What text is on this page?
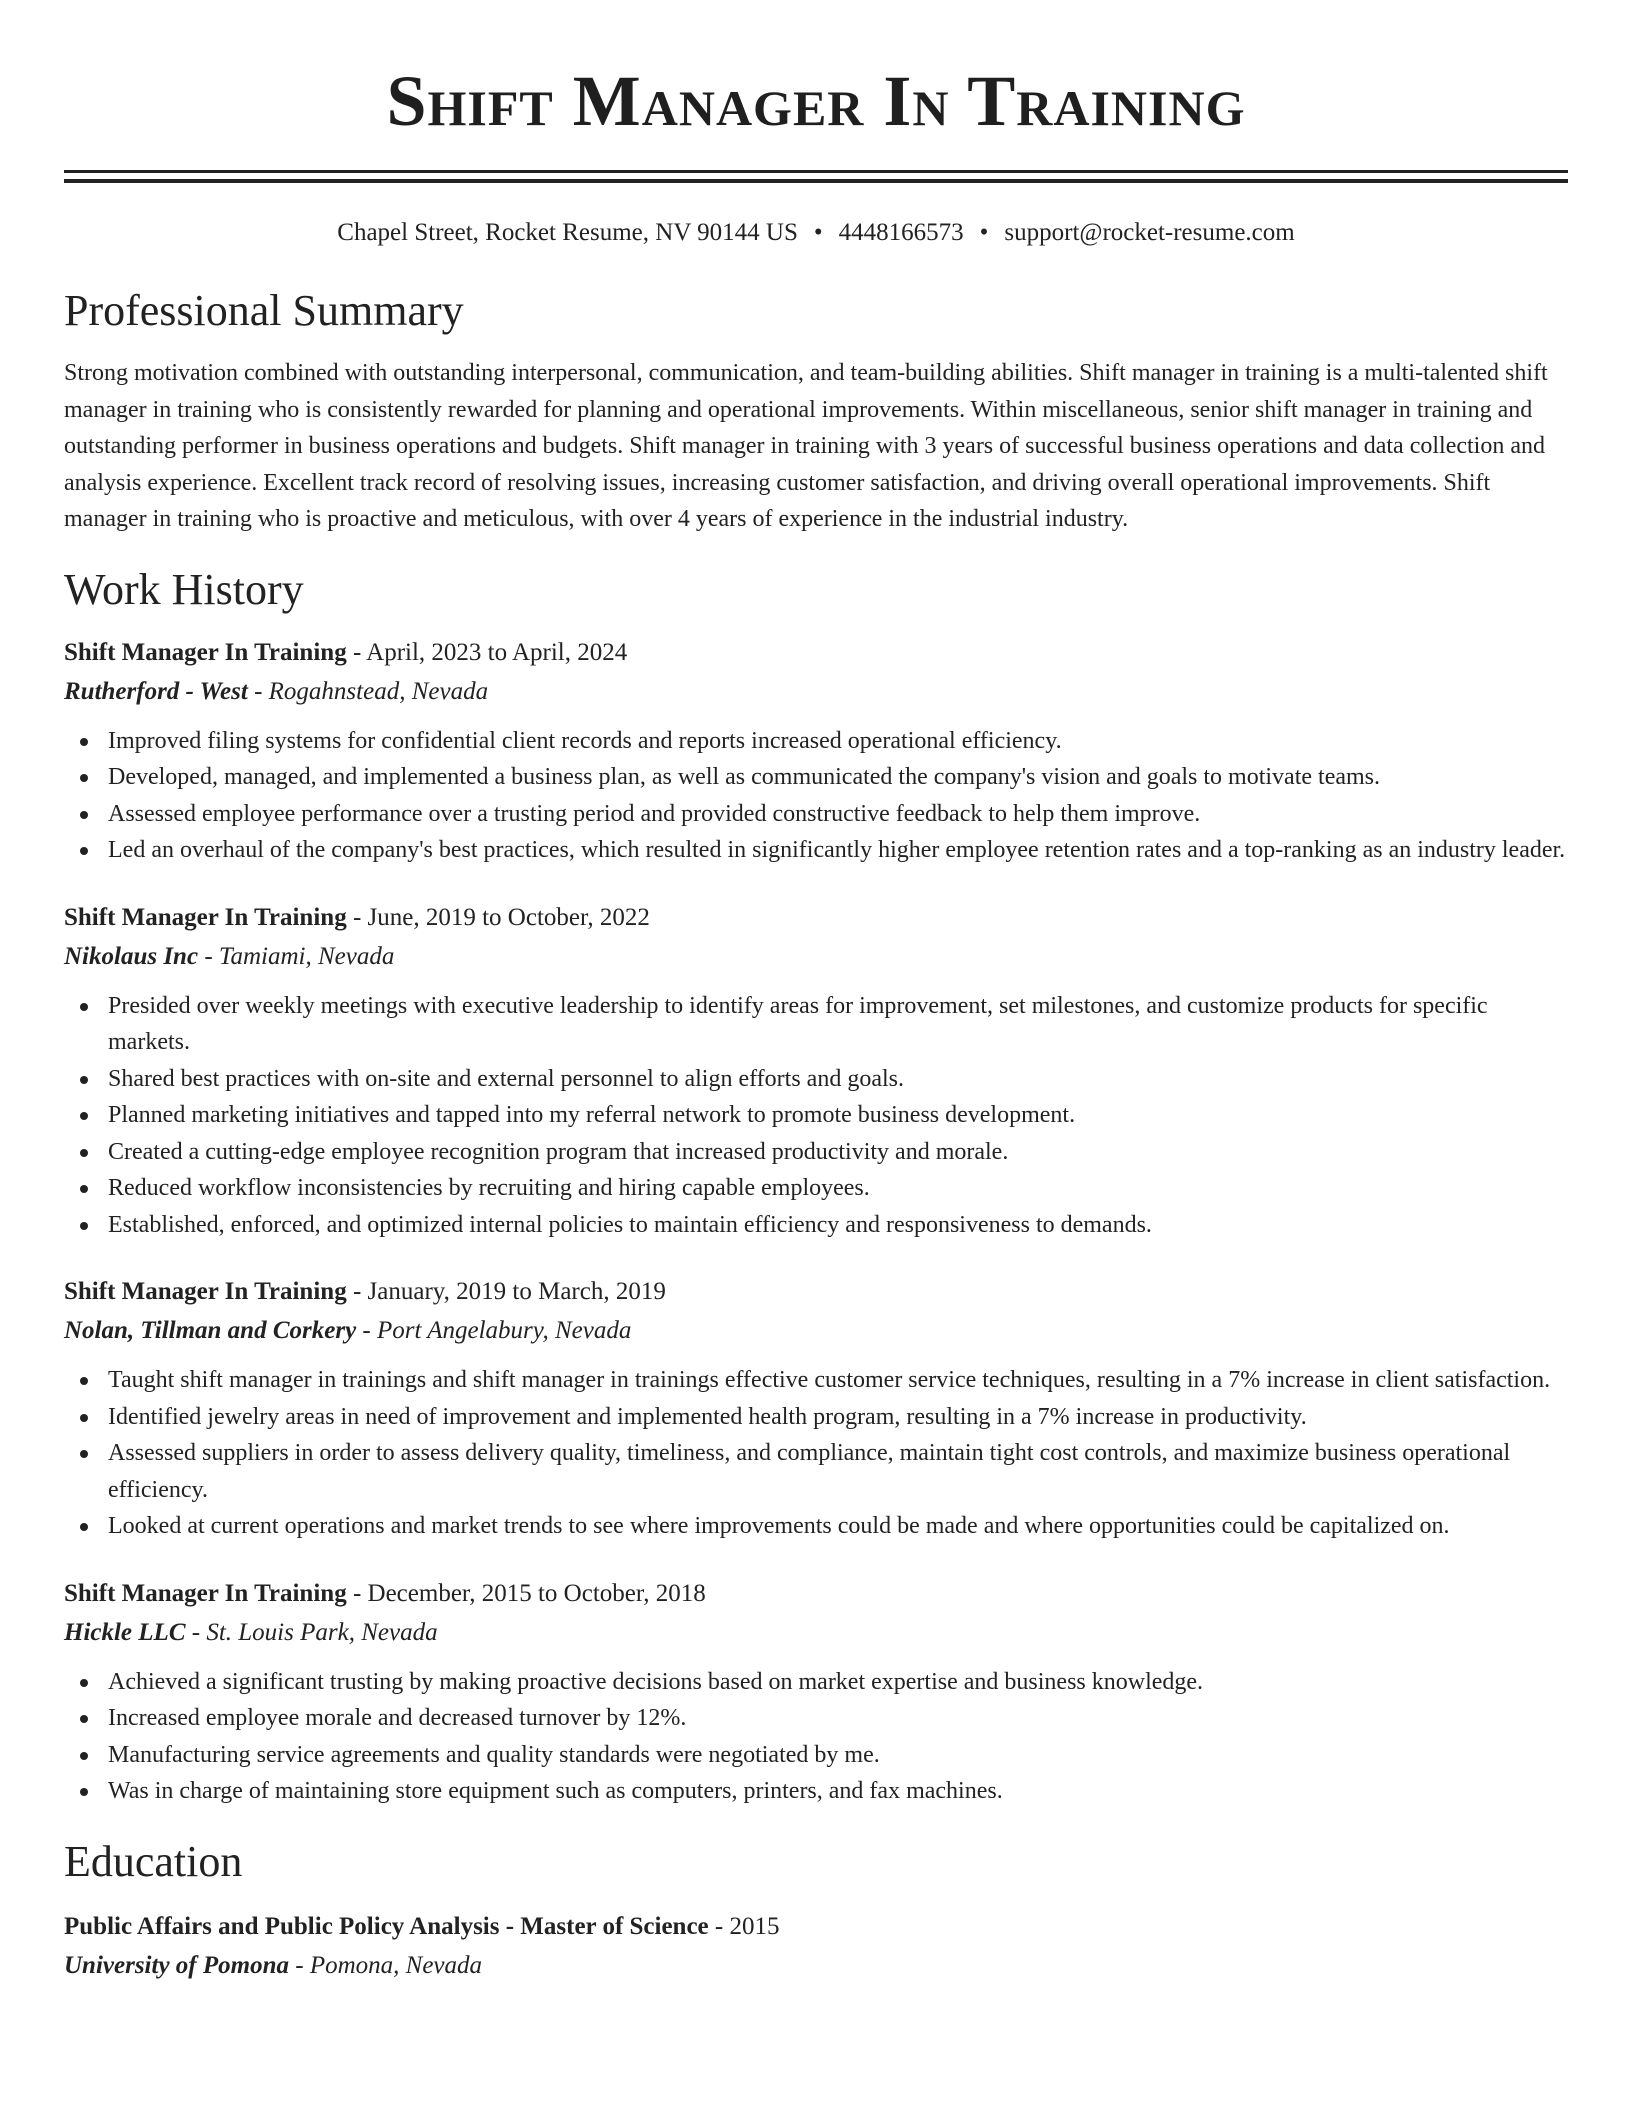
Shift Manager In Training
Chapel Street, Rocket Resume, NV 90144 US • 4448166573 • support@rocket-resume.com
Professional Summary

Strong motivation combined with outstanding interpersonal, communication, and team-building abilities. Shift manager in training is a multi-talented shift manager in training who is consistently rewarded for planning and operational improvements. Within miscellaneous, senior shift manager in training and outstanding performer in business operations and budgets. Shift manager in training with 3 years of successful business operations and data collection and analysis experience. Excellent track record of resolving issues, increasing customer satisfaction, and driving overall operational improvements. Shift manager in training who is proactive and meticulous, with over 4 years of experience in the industrial industry.

Work History
Shift Manager In Training - April, 2023 to April, 2024
Rutherford - West - Rogahnstead, Nevada
Improved filing systems for confidential client records and reports increased operational efficiency.
Developed, managed, and implemented a business plan, as well as communicated the company's vision and goals to motivate teams.
Assessed employee performance over a trusting period and provided constructive feedback to help them improve.
Led an overhaul of the company's best practices, which resulted in significantly higher employee retention rates and a top-ranking as an industry leader.
Shift Manager In Training - June, 2019 to October, 2022
Nikolaus Inc - Tamiami, Nevada
Presided over weekly meetings with executive leadership to identify areas for improvement, set milestones, and customize products for specific markets.
Shared best practices with on-site and external personnel to align efforts and goals.
Planned marketing initiatives and tapped into my referral network to promote business development.
Created a cutting-edge employee recognition program that increased productivity and morale.
Reduced workflow inconsistencies by recruiting and hiring capable employees.
Established, enforced, and optimized internal policies to maintain efficiency and responsiveness to demands.
Shift Manager In Training - January, 2019 to March, 2019
Nolan, Tillman and Corkery - Port Angelabury, Nevada
Taught shift manager in trainings and shift manager in trainings effective customer service techniques, resulting in a 7% increase in client satisfaction.
Identified jewelry areas in need of improvement and implemented health program, resulting in a 7% increase in productivity.
Assessed suppliers in order to assess delivery quality, timeliness, and compliance, maintain tight cost controls, and maximize business operational efficiency.
Looked at current operations and market trends to see where improvements could be made and where opportunities could be capitalized on.
Shift Manager In Training - December, 2015 to October, 2018
Hickle LLC - St. Louis Park, Nevada
Achieved a significant trusting by making proactive decisions based on market expertise and business knowledge.
Increased employee morale and decreased turnover by 12%.
Manufacturing service agreements and quality standards were negotiated by me.
Was in charge of maintaining store equipment such as computers, printers, and fax machines.
Education
Public Affairs and Public Policy Analysis - Master of Science - 2015
University of Pomona - Pomona, Nevada
